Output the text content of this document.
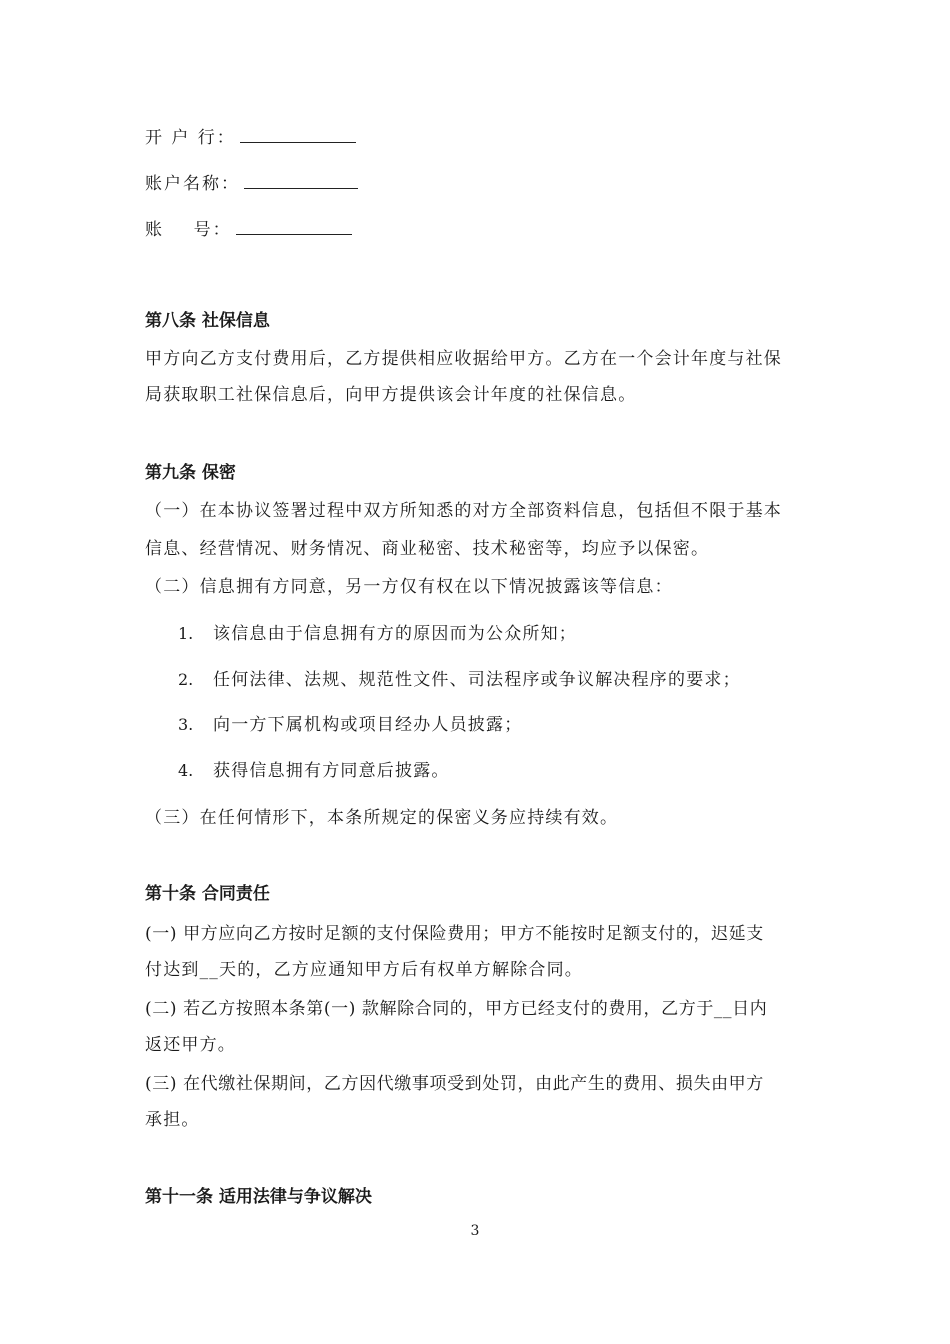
开 户 行：
账户名称：
账    号：
第八条 社保信息
甲方向乙方支付费用后，乙方提供相应收据给甲方。乙方在一个会计年度与社保
局获取职工社保信息后，向甲方提供该会计年度的社保信息。
第九条 保密
（一）在本协议签署过程中双方所知悉的对方全部资料信息，包括但不限于基本
信息、经营情况、财务情况、商业秘密、技术秘密等，均应予以保密。
（二）信息拥有方同意，另一方仅有权在以下情况披露该等信息：
1. 该信息由于信息拥有方的原因而为公众所知；
2. 任何法律、法规、规范性文件、司法程序或争议解决程序的要求；
3. 向一方下属机构或项目经办人员披露；
4. 获得信息拥有方同意后披露。
（三）在任何情形下，本条所规定的保密义务应持续有效。
第十条 合同责任
(一) 甲方应向乙方按时足额的支付保险费用；甲方不能按时足额支付的，迟延支
付达到__天的，乙方应通知甲方后有权单方解除合同。
(二) 若乙方按照本条第(一) 款解除合同的，甲方已经支付的费用，乙方于__日内
返还甲方。
(三) 在代缴社保期间，乙方因代缴事项受到处罚，由此产生的费用、损失由甲方
承担。
第十一条 适用法律与争议解决
3
